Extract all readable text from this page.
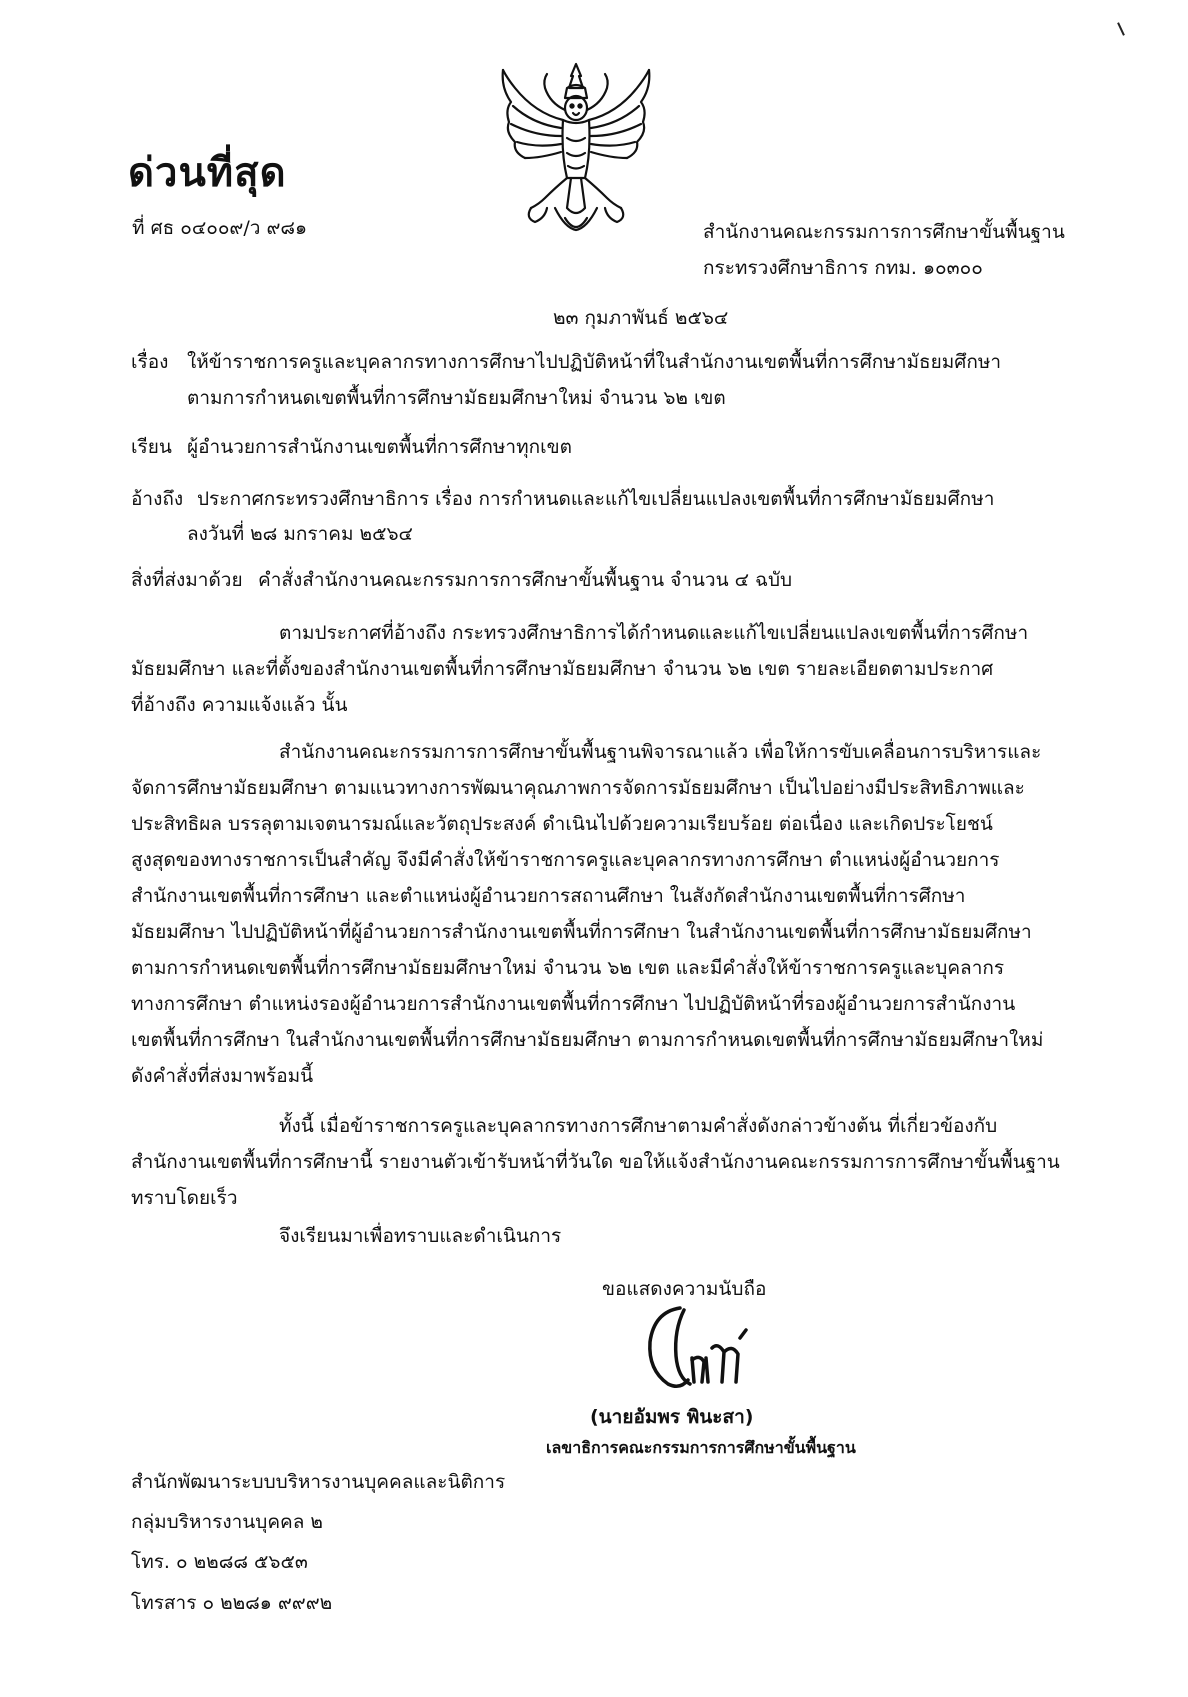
ด่วนที่สุด
ที่ ศธ ๐๔๐๐๙/ว ๙๘๑	สำนักงานคณะกรรมการการศึกษาขั้นพื้นฐาน
กระทรวงศึกษาธิการ กทม. ๑๐๓๐๐
๒๓ กุมภาพันธ์ ๒๕๖๔
เรื่อง ให้ข้าราชการครูและบุคลากรทางการศึกษาไปปฏิบัติหน้าที่ในสำนักงานเขตพื้นที่การศึกษามัธยมศึกษา
ตามการกำหนดเขตพื้นที่การศึกษามัธยมศึกษาใหม่ จำนวน ๖๒ เขต
เรียน ผู้อำนวยการสำนักงานเขตพื้นที่การศึกษาทุกเขต
อ้างถึง ประกาศกระทรวงศึกษาธิการ เรื่อง การกำหนดและแก้ไขเปลี่ยนแปลงเขตพื้นที่การศึกษามัธยมศึกษา
ลงวันที่ ๒๘ มกราคม ๒๕๖๔
สิ่งที่ส่งมาด้วย คำสั่งสำนักงานคณะกรรมการการศึกษาขั้นพื้นฐาน จำนวน ๔ ฉบับ
ตามประกาศที่อ้างถึง กระทรวงศึกษาธิการได้กำหนดและแก้ไขเปลี่ยนแปลงเขตพื้นที่การศึกษา
มัธยมศึกษา และที่ตั้งของสำนักงานเขตพื้นที่การศึกษามัธยมศึกษา จำนวน ๖๒ เขต รายละเอียดตามประกาศ
ที่อ้างถึง ความแจ้งแล้ว นั้น
สำนักงานคณะกรรมการการศึกษาขั้นพื้นฐานพิจารณาแล้ว เพื่อให้การขับเคลื่อนการบริหารและ
จัดการศึกษามัธยมศึกษา ตามแนวทางการพัฒนาคุณภาพการจัดการมัธยมศึกษา เป็นไปอย่างมีประสิทธิภาพและ
ประสิทธิผล บรรลุตามเจตนารมณ์และวัตถุประสงค์ ดำเนินไปด้วยความเรียบร้อย ต่อเนื่อง และเกิดประโยชน์
สูงสุดของทางราชการเป็นสำคัญ จึงมีคำสั่งให้ข้าราชการครูและบุคลากรทางการศึกษา ตำแหน่งผู้อำนวยการ
สำนักงานเขตพื้นที่การศึกษา และตำแหน่งผู้อำนวยการสถานศึกษา ในสังกัดสำนักงานเขตพื้นที่การศึกษา
มัธยมศึกษา ไปปฏิบัติหน้าที่ผู้อำนวยการสำนักงานเขตพื้นที่การศึกษา ในสำนักงานเขตพื้นที่การศึกษามัธยมศึกษา
ตามการกำหนดเขตพื้นที่การศึกษามัธยมศึกษาใหม่ จำนวน ๖๒ เขต และมีคำสั่งให้ข้าราชการครูและบุคลากร
ทางการศึกษา ตำแหน่งรองผู้อำนวยการสำนักงานเขตพื้นที่การศึกษา ไปปฏิบัติหน้าที่รองผู้อำนวยการสำนักงาน
เขตพื้นที่การศึกษา ในสำนักงานเขตพื้นที่การศึกษามัธยมศึกษา ตามการกำหนดเขตพื้นที่การศึกษามัธยมศึกษาใหม่
ดังคำสั่งที่ส่งมาพร้อมนี้
ทั้งนี้ เมื่อข้าราชการครูและบุคลากรทางการศึกษาตามคำสั่งดังกล่าวข้างต้น ที่เกี่ยวข้องกับ
สำนักงานเขตพื้นที่การศึกษานี้ รายงานตัวเข้ารับหน้าที่วันใด ขอให้แจ้งสำนักงานคณะกรรมการการศึกษาขั้นพื้นฐาน
ทราบโดยเร็ว
จึงเรียนมาเพื่อทราบและดำเนินการ
ขอแสดงความนับถือ
(นายอัมพร พินะสา)
เลขาธิการคณะกรรมการการศึกษาขั้นพื้นฐาน
สำนักพัฒนาระบบบริหารงานบุคคลและนิติการ
กลุ่มบริหารงานบุคคล ๒
โทร. ๐ ๒๒๘๘ ๕๖๕๓
โทรสาร ๐ ๒๒๘๑ ๙๙๙๒
